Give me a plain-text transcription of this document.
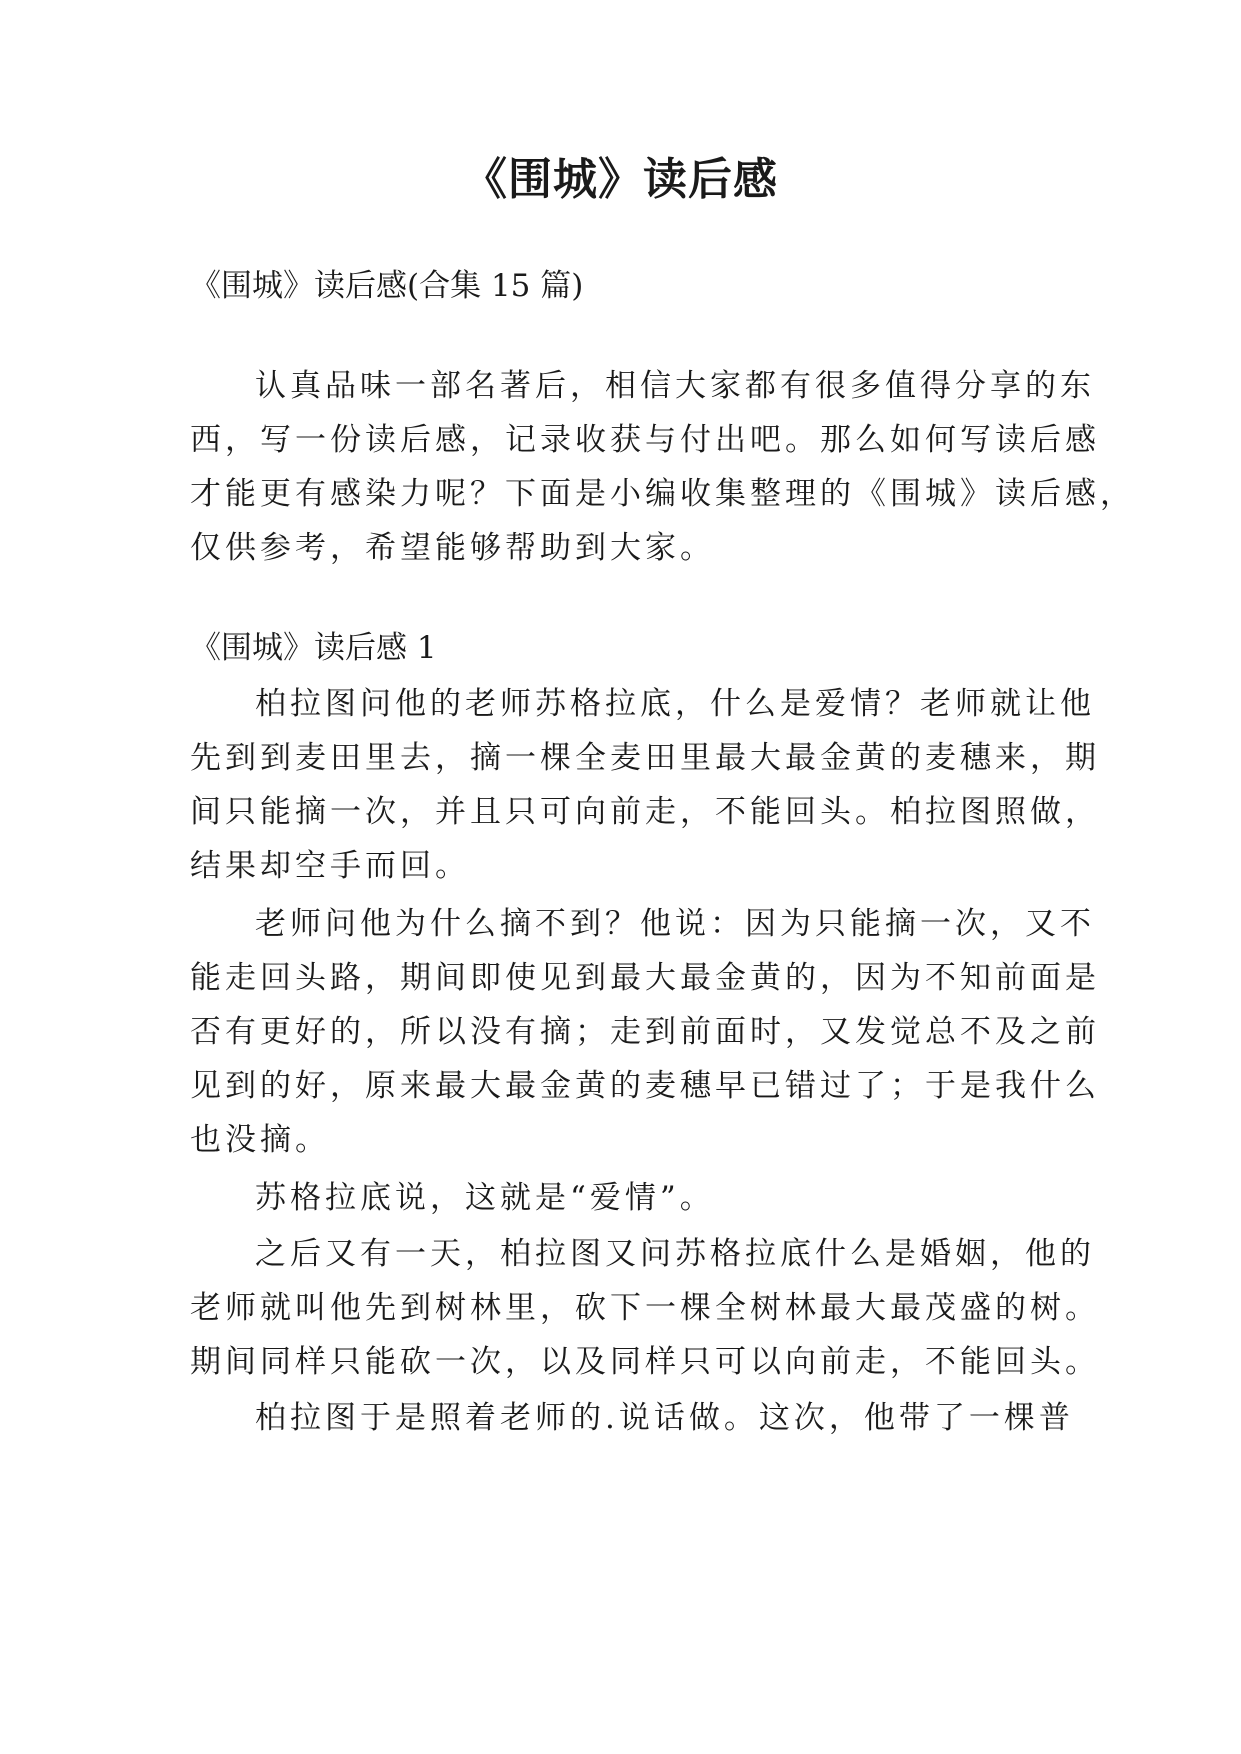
《围城》读后感
《围城》读后感(合集 15 篇)
认真品味一部名著后，相信大家都有很多值得分享的东
西，写一份读后感，记录收获与付出吧。那么如何写读后感
才能更有感染力呢？下面是小编收集整理的《围城》读后感，
仅供参考，希望能够帮助到大家。
《围城》读后感 1
柏拉图问他的老师苏格拉底，什么是爱情？老师就让他
先到到麦田里去，摘一棵全麦田里最大最金黄的麦穗来，期
间只能摘一次，并且只可向前走，不能回头。柏拉图照做，
结果却空手而回。
老师问他为什么摘不到？他说：因为只能摘一次，又不
能走回头路，期间即使见到最大最金黄的，因为不知前面是
否有更好的，所以没有摘；走到前面时，又发觉总不及之前
见到的好，原来最大最金黄的麦穗早已错过了；于是我什么
也没摘。
苏格拉底说，这就是“爱情”。
之后又有一天，柏拉图又问苏格拉底什么是婚姻，他的
老师就叫他先到树林里，砍下一棵全树林最大最茂盛的树。
期间同样只能砍一次，以及同样只可以向前走，不能回头。
柏拉图于是照着老师的.说话做。这次，他带了一棵普
